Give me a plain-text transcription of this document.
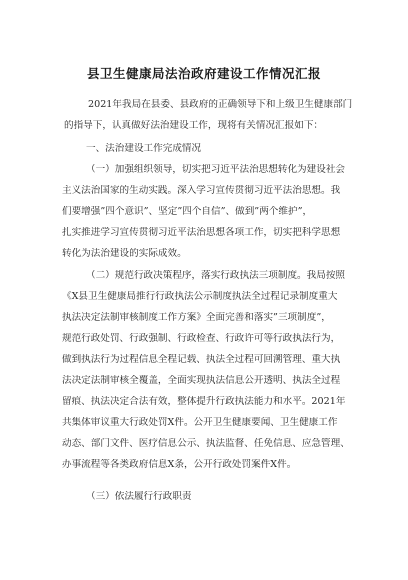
县卫生健康局法治政府建设工作情况汇报
2021年我局在县委、县政府的正确领导下和上级卫生健康部门
的指导下，认真做好法治建设工作，现将有关情况汇报如下：
一、法治建设工作完成情况
（一）加强组织领导，切实把习近平法治思想转化为建设社会
主义法治国家的生动实践。深入学习宣传贯彻习近平法治思想。我
们要增强”四个意识”、坚定”四个自信”、做到”两个维护”，
扎实推进学习宣传贯彻习近平法治思想各项工作，切实把科学思想
转化为法治建设的实际成效。
（二）规范行政决策程序，落实行政执法三项制度。我局按照
《X县卫生健康局推行行政执法公示制度执法全过程记录制度重大
执法决定法制审核制度工作方案》全面完善和落实”三项制度”，
规范行政处罚、行政强制、行政检查、行政许可等行政执法行为，
做到执法行为过程信息全程记载、执法全过程可回溯管理、重大执
法决定法制审核全覆盖，全面实现执法信息公开透明、执法全过程
留痕、执法决定合法有效，整体提升行政执法能力和水平。2021年
共集体审议重大行政处罚X件。公开卫生健康要闻、卫生健康工作
动态、部门文件、医疗信息公示、执法监督、任免信息、应急管理、
办事流程等各类政府信息X条，公开行政处罚案件X件。
（三）依法履行行政职责
